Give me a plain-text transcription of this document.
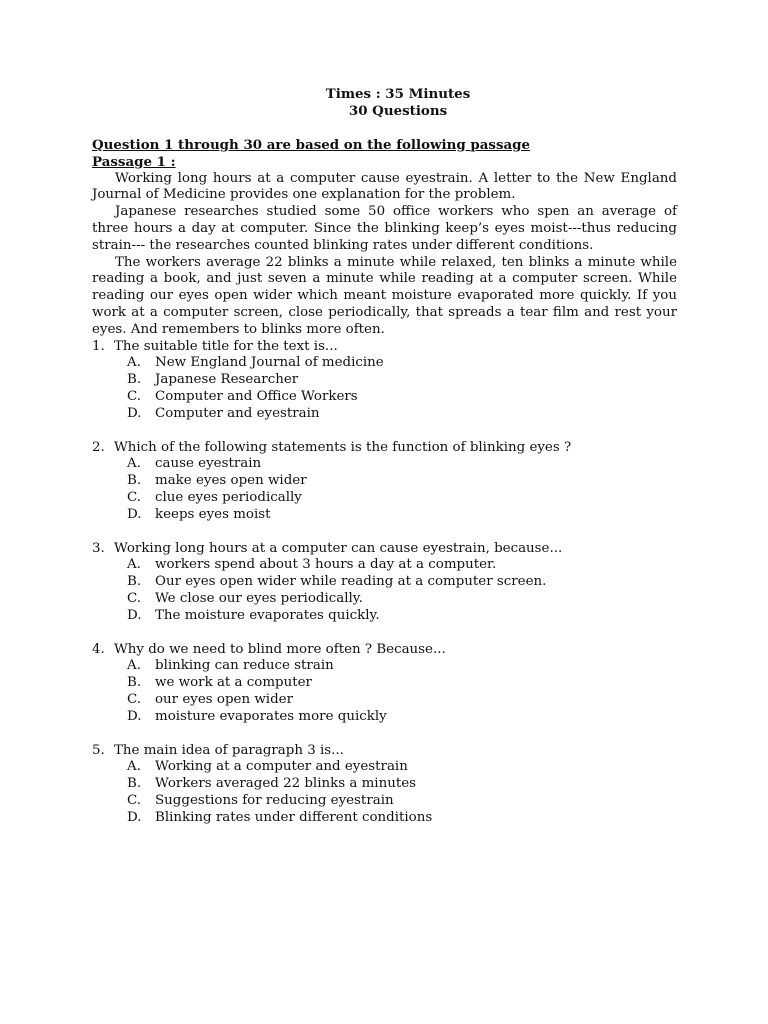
Times : 35 Minutes
30 Questions
Question 1 through 30 are based on the following passage
Passage 1 :

Working long hours at a computer cause eyestrain. A letter to the New England Journal of Medicine provides one explanation for the problem.

Japanese researches studied some 50 office workers who spen an average of three hours a day at computer. Since the blinking keep’s eyes moist---thus reducing strain--- the researches counted blinking rates under different conditions.

The workers average 22 blinks a minute while relaxed, ten blinks a minute while reading a book, and just seven a minute while reading at a computer screen. While reading our eyes open wider which meant moisture evaporated more quickly. If you work at a computer screen, close periodically, that spreads a tear film and rest your eyes. And remembers to blinks more often.

1. The suitable title for the text is...
A.	New England Journal of medicine
B.	Japanese Researcher
C.	Computer and Office Workers
D.	Computer and eyestrain
2. Which of the following statements is the function of blinking eyes ?
A.	cause eyestrain
B.	make eyes open wider
C.	clue eyes periodically
D.	keeps eyes moist
3. Working long hours at a computer can cause eyestrain, because...
A.	workers spend about 3 hours a day at a computer.
B.	Our eyes open wider while reading at a computer screen.
C.	We close our eyes periodically.
D.	The moisture evaporates quickly.
4. Why do we need to blind more often ? Because...
A.	blinking can reduce strain
B.	we work at a computer
C.	our eyes open wider
D.	moisture evaporates more quickly
5. The main idea of paragraph 3 is...
A.	Working at a computer and eyestrain
B.	Workers averaged 22 blinks a minutes
C.	Suggestions for reducing eyestrain
D.	Blinking rates under different conditions
